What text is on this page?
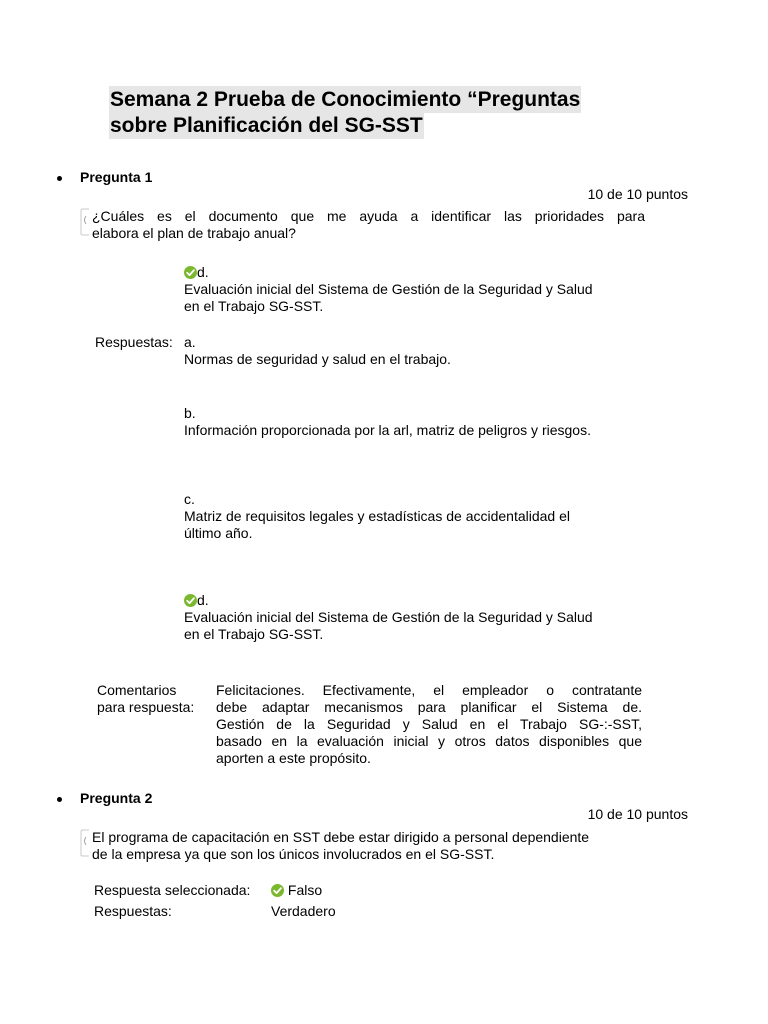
Semana 2 Prueba de Conocimiento “Preguntas
sobre Planificación del SG-SST
Pregunta 1
10 de 10 puntos
¿Cuáles es el documento que me ayuda a identificar las prioridades para
elabora el plan de trabajo anual?
d.
Evaluación inicial del Sistema de Gestión de la Seguridad y Salud
en el Trabajo SG-SST.
Respuestas: a.
Normas de seguridad y salud en el trabajo.
b.
Información proporcionada por la arl, matriz de peligros y riesgos.
c.
Matriz de requisitos legales y estadísticas de accidentalidad el
último año.
d.
Evaluación inicial del Sistema de Gestión de la Seguridad y Salud
en el Trabajo SG-SST.
Comentarios
para respuesta:
Felicitaciones. Efectivamente, el empleador o contratante
debe adaptar mecanismos para planificar el Sistema de.
Gestión de la Seguridad y Salud en el Trabajo SG-:-SST,
basado en la evaluación inicial y otros datos disponibles que
aporten a este propósito.
Pregunta 2
10 de 10 puntos
El programa de capacitación en SST debe estar dirigido a personal dependiente
de la empresa ya que son los únicos involucrados en el SG-SST.
Respuesta seleccionada:	Falso
Respuestas:	Verdadero
